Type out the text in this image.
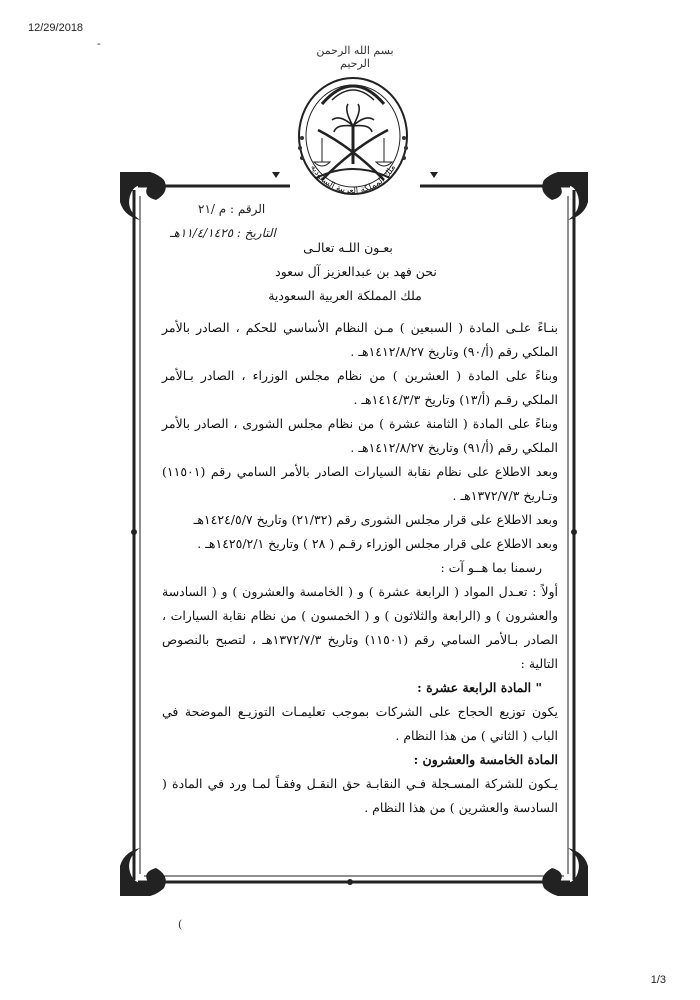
12/29/2018
-
(
بسم الله الرحمن الرحيم
ملك المملكة العربية السعودية
الرقم : م /٢١
التاريخ : ١١/٤/١٤٢٥هـ

بعـون اللـه تعالـى

نحن فهد بن عبدالعزيز آل سعود

ملك المملكة العربية السعودية

بنـاءً علـى المادة ( السبعين ) مـن النظام الأساسي للحكم ، الصادر بالأمر الملكي رقم (أ/٩٠) وتاريخ ١٤١٢/٨/٢٧هـ .

وبناءً على المادة ( العشرين ) من نظام مجلس الوزراء ، الصادر بـالأمر الملكي رقـم (أ/١٣) وتاريخ ١٤١٤/٣/٣هـ .

وبناءً على المادة ( الثامنة عشرة ) من نظام مجلس الشورى ، الصادر بالأمر الملكي رقم (أ/٩١) وتاريخ ١٤١٢/٨/٢٧هـ .

وبعد الاطلاع على نظام نقابة السيارات الصادر بالأمر السامي رقم (١١٥٠١) وتـاريخ ١٣٧٢/٧/٣هـ .

وبعد الاطلاع على قرار مجلس الشورى رقم (٢١/٣٢) وتاريخ ١٤٢٤/٥/٧هـ

وبعد الاطلاع على قرار مجلس الوزراء رقـم ( ٢٨ ) وتاريخ ١٤٢٥/٢/١هـ .

رسمنا بما هــو آت :

أولاً : تعـدل المواد ( الرابعة عشرة ) و ( الخامسة والعشرون ) و ( السادسة والعشرون ) و (الرابعة والثلاثون ) و ( الخمسون ) من نظام نقابة السيارات ، الصادر بـالأمر السامي رقم (١١٥٠١) وتاريخ ١٣٧٢/٧/٣هـ ، لتصبح بالنصوص التالية :

" المادة الرابعة عشرة :

يكون توزيع الحجاج على الشركات بموجب تعليمـات التوزيـع الموضحة في الباب ( الثاني ) من هذا النظام .

المادة الخامسة والعشرون :

يـكون للشركة المسـجلة فـي النقابـة حق النقـل وفقـاً لمـا ورد في المادة ( السادسة والعشرين ) من هذا النظام .

1/3
